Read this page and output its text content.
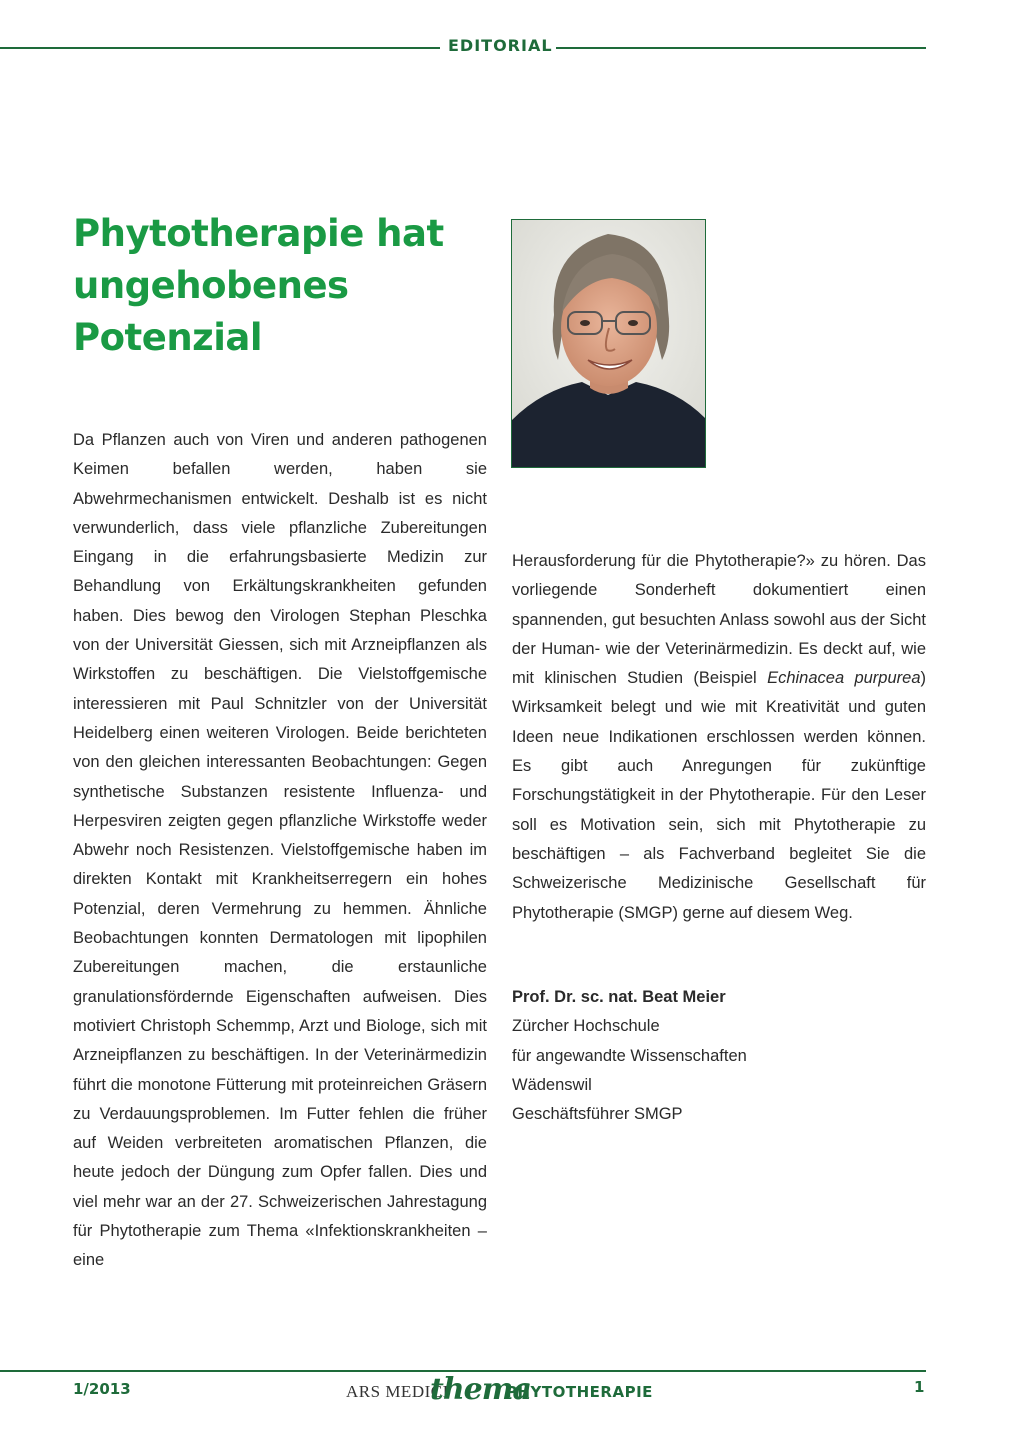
EDITORIAL
Phytotherapie hat
ungehobenes Potenzial

Da Pflanzen auch von Viren und anderen pathogenen Keimen befallen werden, haben sie Abwehrmechanismen entwickelt. Deshalb ist es nicht verwunderlich, dass viele pflanzliche Zubereitungen Eingang in die erfahrungsbasierte Medizin zur Behandlung von Erkältungskrankheiten gefunden haben. Dies bewog den Virologen Stephan Pleschka von der Universität Giessen, sich mit Arzneipflanzen als Wirkstoffen zu beschäftigen. Die Vielstoffgemische interessieren mit Paul Schnitzler von der Universität Heidelberg einen weiteren Virologen. Beide berichteten von den gleichen interessanten Beobachtungen: Gegen synthetische Substanzen resistente Influenza- und Herpesviren zeigten gegen pflanzliche Wirkstoffe weder Abwehr noch Resistenzen. Vielstoffgemische haben im direkten Kontakt mit Krankheitserregern ein hohes Potenzial, deren Vermehrung zu hemmen. Ähnliche Beobachtungen konnten Dermatologen mit lipophilen Zubereitungen machen, die erstaunliche granulationsfördernde Eigenschaften aufweisen. Dies motiviert Christoph Schemmp, Arzt und Biologe, sich mit Arzneipflanzen zu beschäftigen. In der Veterinärmedizin führt die monotone Fütterung mit proteinreichen Gräsern zu Verdauungsproblemen. Im Futter fehlen die früher auf Weiden verbreiteten aromatischen Pflanzen, die heute jedoch der Düngung zum Opfer fallen. Dies und viel mehr war an der 27. Schweizerischen Jahrestagung für Phytotherapie zum Thema «Infektionskrankheiten – eine

Herausforderung für die Phytotherapie?» zu hören. Das vorliegende Sonderheft dokumentiert einen spannenden, gut besuchten Anlass sowohl aus der Sicht der Human- wie der Veterinärmedizin. Es deckt auf, wie mit klinischen Studien (Beispiel Echinacea purpurea) Wirksamkeit belegt und wie mit Kreativität und guten Ideen neue Indikationen erschlossen werden können. Es gibt auch Anregungen für zukünftige Forschungstätigkeit in der Phytotherapie. Für den Leser soll es Motivation sein, sich mit Phytotherapie zu beschäftigen – als Fachverband begleitet Sie die Schweizerische Medizinische Gesellschaft für Phytotherapie (SMGP) gerne auf diesem Weg.

Prof. Dr. sc. nat. Beat Meier
Zürcher Hochschule
für angewandte Wissenschaften
Wädenswil
Geschäftsführer SMGP
1/2013	ARS MEDICI
thema
PHYTOTHERAPIE	1
